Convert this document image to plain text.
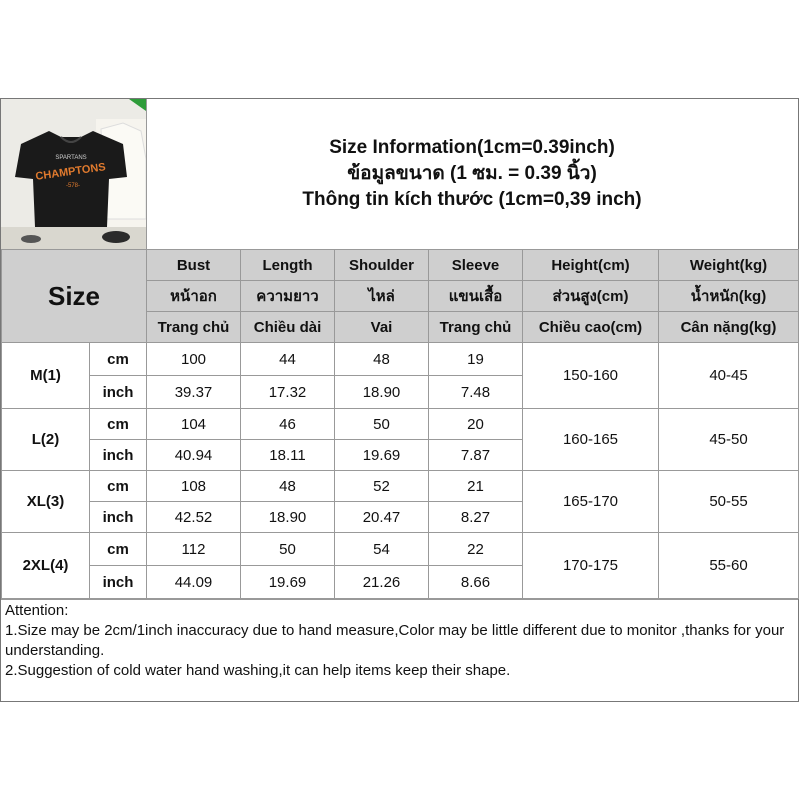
SPARTANS
CHAMPTONS
-578-
Size Information(1cm=0.39inch)
ข้อมูลขนาด (1 ซม. = 0.39 นิ้ว)
Thông tin kích thước (1cm=0,39 inch)
Size		Bust	Length	Shoulder	Sleeve	Height(cm)	Weight(kg)
		หน้าอก	ความยาว	ไหล่	แขนเสื้อ	ส่วนสูง(cm)	น้ำหนัก(kg)
		Trang chủ	Chiều dài	Vai	Trang chủ	Chiều cao(cm)	Cân nặng(kg)
M(1)	cm	100	44	48	19	150-160	40-45
	inch	39.37	17.32	18.90	7.48		
L(2)	cm	104	46	50	20	160-165	45-50
	inch	40.94	18.11	19.69	7.87		
XL(3)	cm	108	48	52	21	165-170	50-55
	inch	42.52	18.90	20.47	8.27		
2XL(4)	cm	112	50	54	22	170-175	55-60
	inch	44.09	19.69	21.26	8.66		
Attention:
1.Size may be 2cm/1inch inaccuracy due to hand measure,Color may be little different due to monitor ,thanks for your understanding.
2.Suggestion of cold water hand washing,it can help items keep their shape.
